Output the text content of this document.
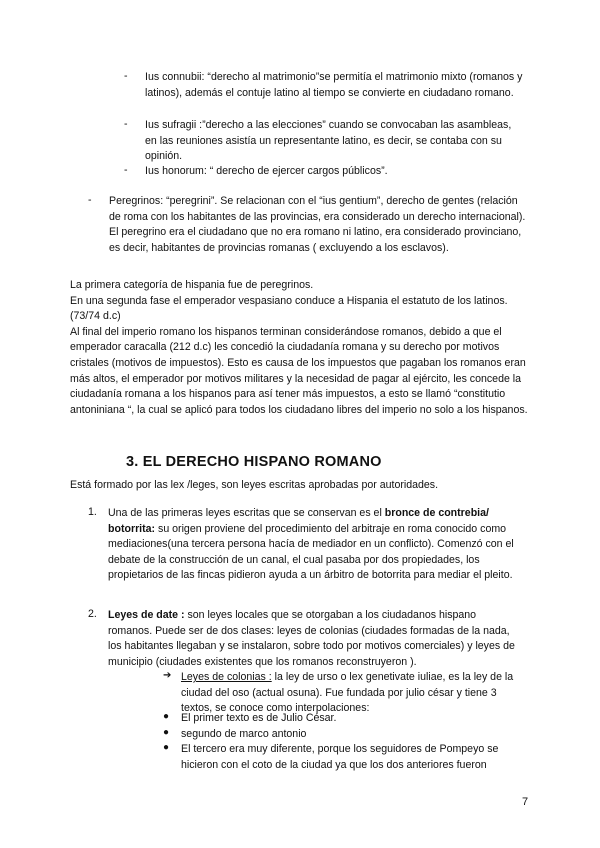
- Ius connubii: “derecho al matrimonio”se permitía el matrimonio mixto (romanos y latinos), además el contuje latino al tiempo se convierte en ciudadano romano.

- Ius sufragii :”derecho a las elecciones” cuando se convocaban las asambleas, en las reuniones asistía un representante latino, es decir, se contaba con su opinión.

- Ius honorum: “ derecho de ejercer cargos públicos”.

- Peregrinos: “peregrini”. Se relacionan con el “ius gentium”, derecho de gentes (relación de roma con los habitantes de las provincias, era considerado un derecho internacional). El peregrino era el ciudadano que no era romano ni latino, era considerado provinciano, es decir, habitantes de provincias romanas ( excluyendo a los esclavos).

La primera categoría de hispania fue de peregrinos.

En una segunda fase el emperador vespasiano conduce a Hispania el estatuto de los latinos. (73/74 d.c)

Al final del imperio romano los hispanos terminan considerándose romanos, debido a que el emperador caracalla (212 d.c) les concedió la ciudadanía romana y su derecho por motivos cristales (motivos de impuestos). Esto es causa de los impuestos que pagaban los romanos eran más altos, el emperador por motivos militares y la necesidad de pagar al ejército, les concede la ciudadanía romana a los hispanos para así tener más impuestos, a esto se llamó “constitutio antoniniana “, la cual se aplicó para todos los ciudadano libres del imperio no solo a los hispanos.

3. EL DERECHO HISPANO ROMANO

Está formado por las lex /leges, son leyes escritas aprobadas por autoridades.

1. Una de las primeras leyes escritas que se conservan es el bronce de contrebia/ botorrita: su origen proviene del procedimiento del arbitraje en roma conocido como mediaciones(una tercera persona hacía de mediador en un conflicto). Comenzó con el debate de la construcción de un canal, el cual pasaba por dos propiedades, los propietarios de las fincas pidieron ayuda a un árbitro de botorrita para mediar el pleito.

2. Leyes de date : son leyes locales que se otorgaban a los ciudadanos hispano romanos. Puede ser de dos clases: leyes de colonias (ciudades formadas de la nada, los habitantes llegaban y se instalaron, sobre todo por motivos comerciales) y leyes de municipio (ciudades existentes que los romanos reconstruyeron ).

➔ Leyes de colonias : la ley de urso o lex genetivate iuliae, es la ley de la ciudad del oso (actual osuna). Fue fundada por julio césar y tiene 3 textos, se conoce como interpolaciones:

● El primer texto es de Julio César.

● segundo de marco antonio

● El tercero era muy diferente, porque los seguidores de Pompeyo se hicieron con el coto de la ciudad ya que los dos anteriores fueron

7
